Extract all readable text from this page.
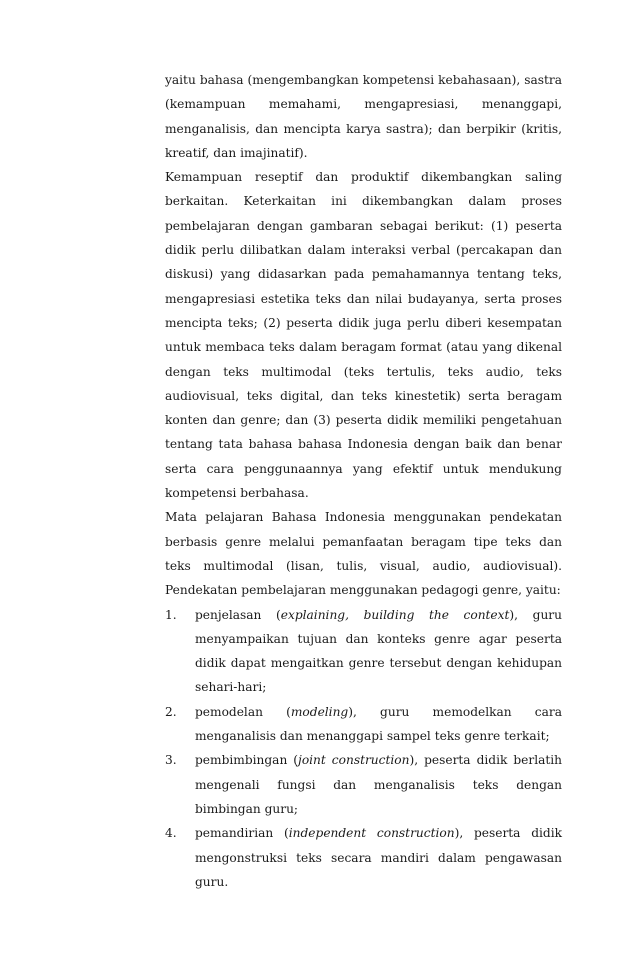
yaitu bahasa (mengembangkan kompetensi kebahasaan), sastra (kemampuan memahami, mengapresiasi, menanggapi, menganalisis, dan mencipta karya sastra); dan berpikir (kritis, kreatif, dan imajinatif).

Kemampuan reseptif dan produktif dikembangkan saling berkaitan. Keterkaitan ini dikembangkan dalam proses pembelajaran dengan gambaran sebagai berikut: (1) peserta didik perlu dilibatkan dalam interaksi verbal (percakapan dan diskusi) yang didasarkan pada pemahamannya tentang teks, mengapresiasi estetika teks dan nilai budayanya, serta proses mencipta teks; (2) peserta didik juga perlu diberi kesempatan untuk membaca teks dalam beragam format (atau yang dikenal dengan teks multimodal (teks tertulis, teks audio, teks audiovisual, teks digital, dan teks kinestetik) serta beragam konten dan genre; dan (3) peserta didik memiliki pengetahuan tentang tata bahasa bahasa Indonesia dengan baik dan benar serta cara penggunaannya yang efektif untuk mendukung kompetensi berbahasa.

Mata pelajaran Bahasa Indonesia menggunakan pendekatan berbasis genre melalui pemanfaatan beragam tipe teks dan teks multimodal (lisan, tulis, visual, audio, audiovisual). Pendekatan pembelajaran menggunakan pedagogi genre, yaitu:

1. penjelasan (explaining, building the context), guru menyampaikan tujuan dan konteks genre agar peserta didik dapat mengaitkan genre tersebut dengan kehidupan sehari-hari;
2. pemodelan (modeling), guru memodelkan cara menganalisis dan menanggapi sampel teks genre terkait;
3. pembimbingan (joint construction), peserta didik berlatih mengenali fungsi dan menganalisis teks dengan bimbingan guru;
4. pemandirian (independent construction), peserta didik mengonstruksi teks secara mandiri dalam pengawasan guru.
